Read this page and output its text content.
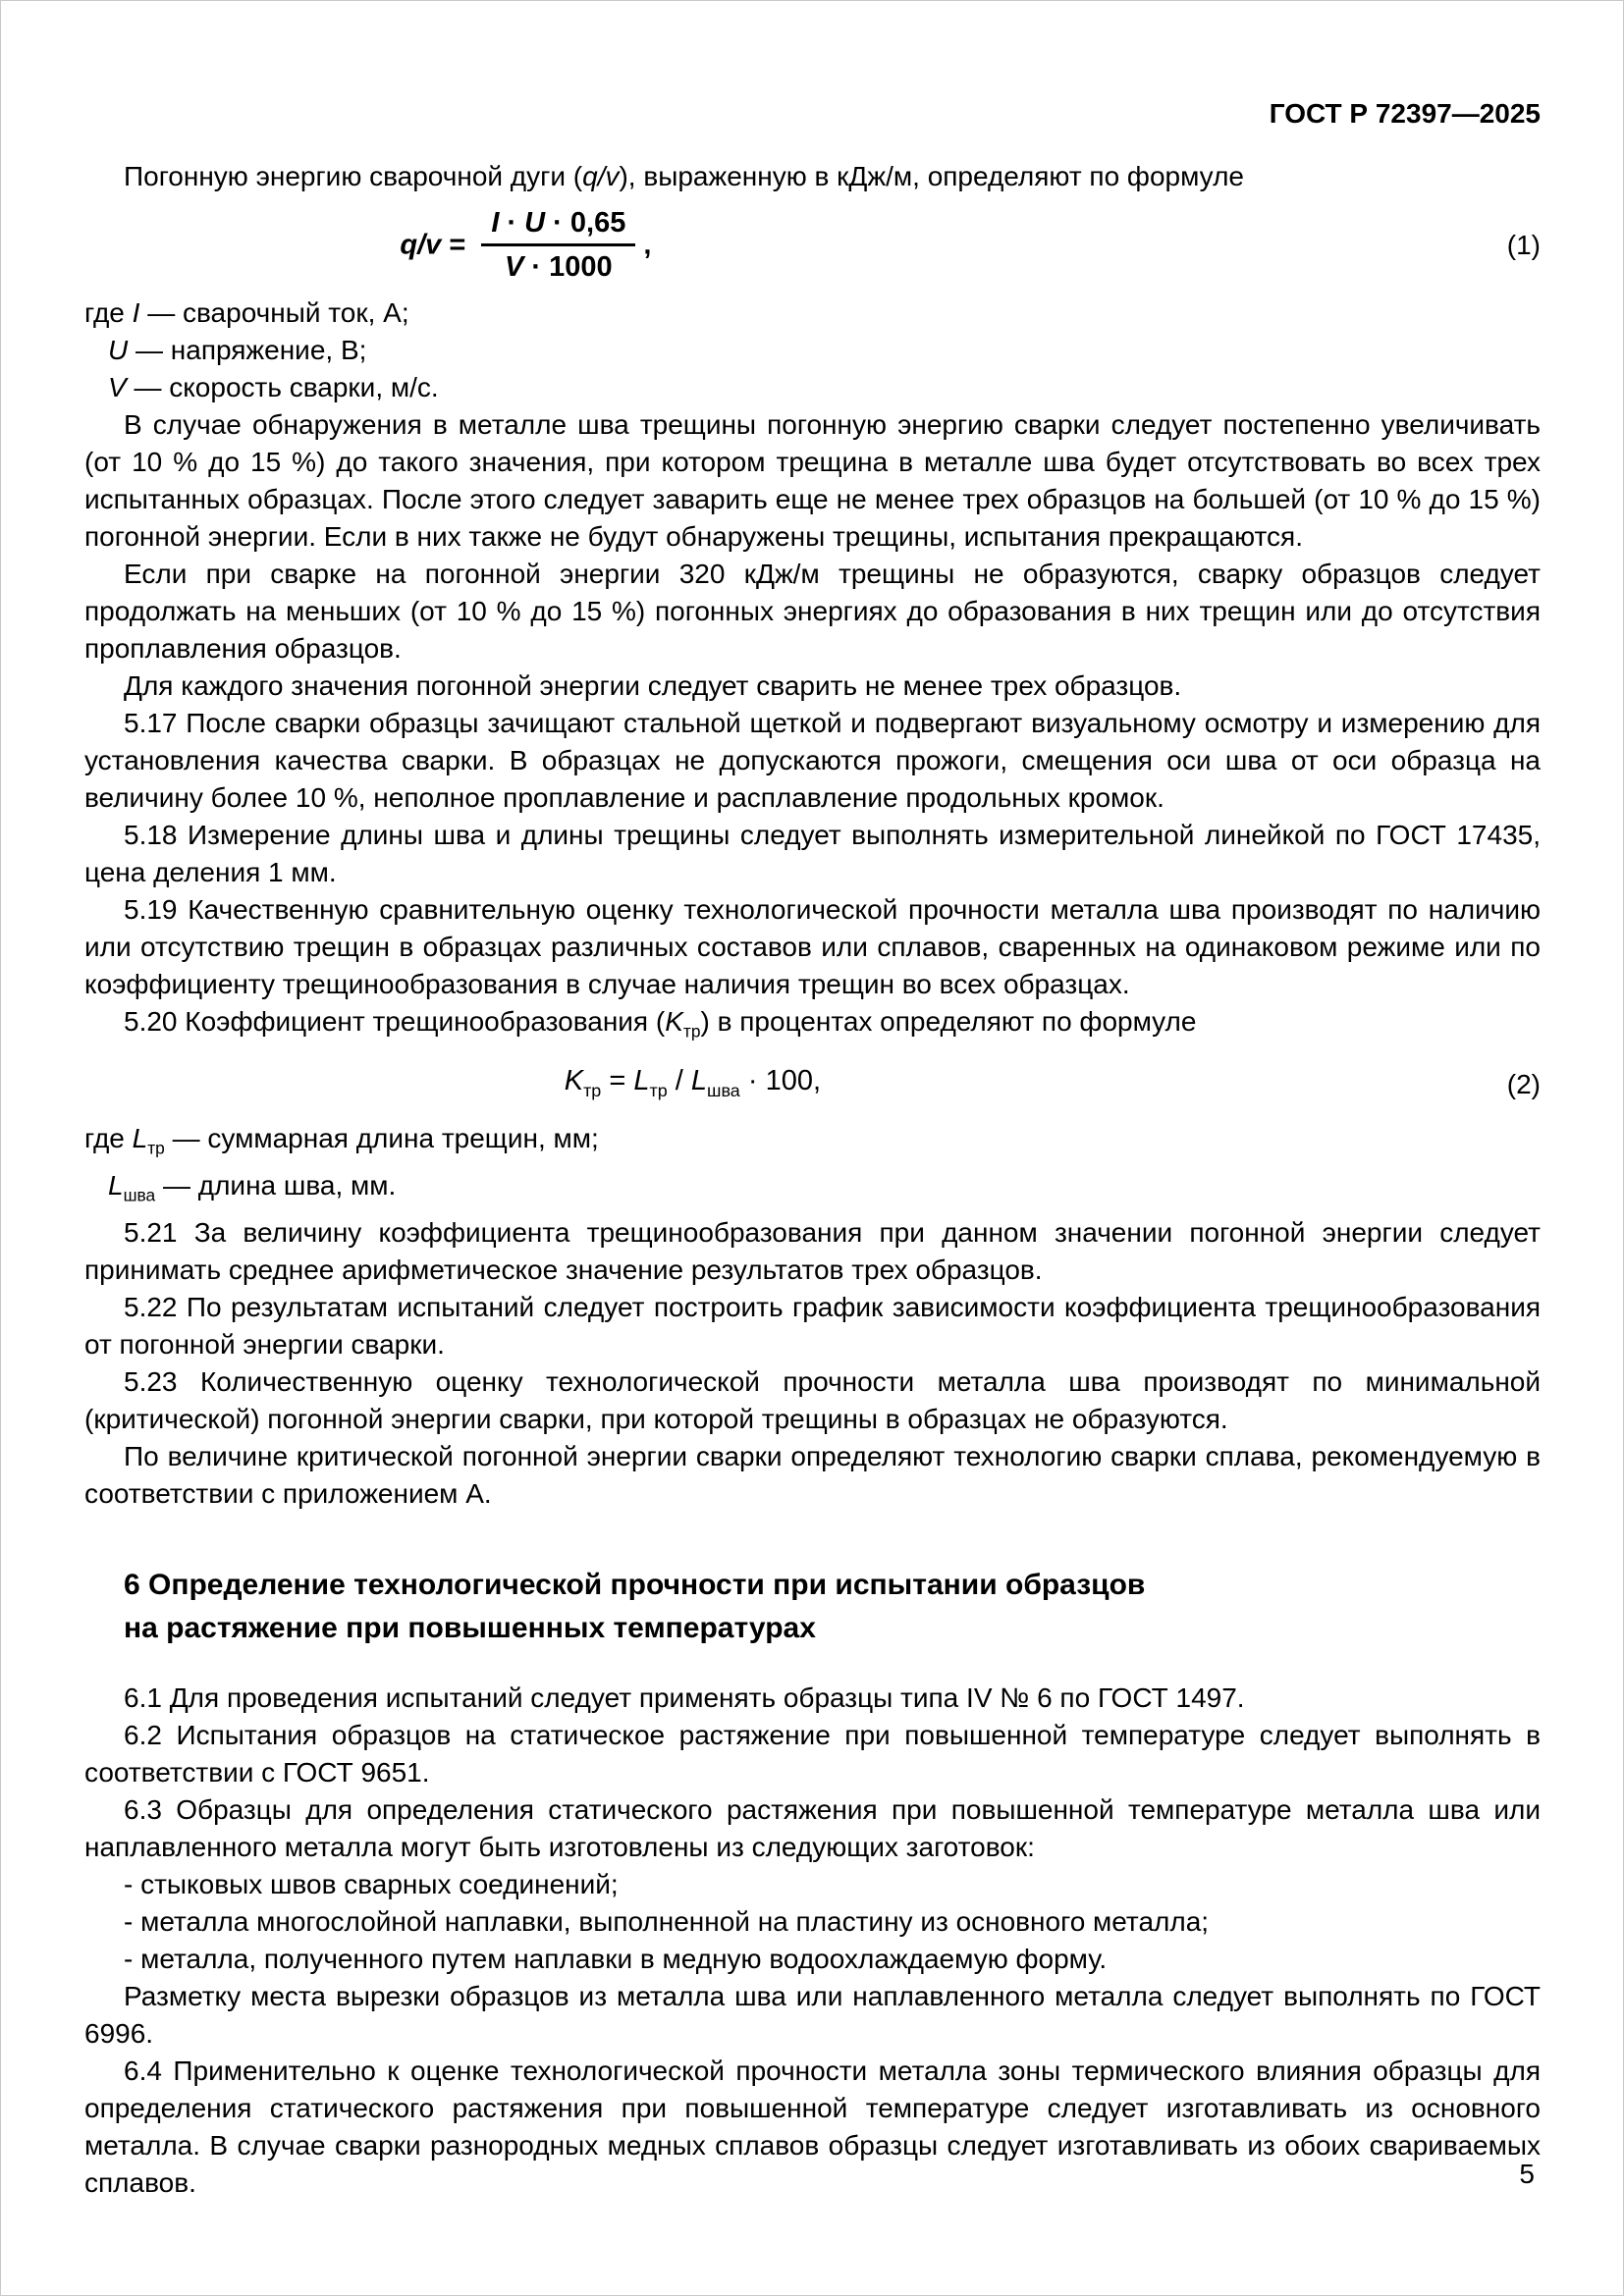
ГОСТ Р 72397—2025

Погонную энергию сварочной дуги (q/v), выраженную в кДж/м, определяют по формуле

$q/v = \frac{I \cdot U \cdot 0,65}{V \cdot 1000}$ ,	(1)

где I — сварочный ток, А;

U — напряжение, В;

V — скорость сварки, м/с.

В случае обнаружения в металле шва трещины погонную энергию сварки следует постепенно увеличивать (от 10 % до 15 %) до такого значения, при котором трещина в металле шва будет отсутствовать во всех трех испытанных образцах. После этого следует заварить еще не менее трех образцов на большей (от 10 % до 15 %) погонной энергии. Если в них также не будут обнаружены трещины, испытания прекращаются.

Если при сварке на погонной энергии 320 кДж/м трещины не образуются, сварку образцов следует продолжать на меньших (от 10 % до 15 %) погонных энергиях до образования в них трещин или до отсутствия проплавления образцов.

Для каждого значения погонной энергии следует сварить не менее трех образцов.

5.17 После сварки образцы зачищают стальной щеткой и подвергают визуальному осмотру и измерению для установления качества сварки. В образцах не допускаются прожоги, смещения оси шва от оси образца на величину более 10 %, неполное проплавление и расплавление продольных кромок.

5.18 Измерение длины шва и длины трещины следует выполнять измерительной линейкой по ГОСТ 17435, цена деления 1 мм.

5.19 Качественную сравнительную оценку технологической прочности металла шва производят по наличию или отсутствию трещин в образцах различных составов или сплавов, сваренных на одинаковом режиме или по коэффициенту трещинообразования в случае наличия трещин во всех образцах.

5.20 Коэффициент трещинообразования $(K_{тр})$ в процентах определяют по формуле

$K_{тр} = L_{тр} / L_{шва} \cdot 100$,	(2)

где $L_{тр}$ — суммарная длина трещин, мм;

$L_{шва}$ — длина шва, мм.

5.21 За величину коэффициента трещинообразования при данном значении погонной энергии следует принимать среднее арифметическое значение результатов трех образцов.

5.22 По результатам испытаний следует построить график зависимости коэффициента трещинообразования от погонной энергии сварки.

5.23 Количественную оценку технологической прочности металла шва производят по минимальной (критической) погонной энергии сварки, при которой трещины в образцах не образуются.

По величине критической погонной энергии сварки определяют технологию сварки сплава, рекомендуемую в соответствии с приложением А.

6 Определение технологической прочности при испытании образцов
на растяжение при повышенных температурах

6.1 Для проведения испытаний следует применять образцы типа IV № 6 по ГОСТ 1497.

6.2 Испытания образцов на статическое растяжение при повышенной температуре следует выполнять в соответствии с ГОСТ 9651.

6.3 Образцы для определения статического растяжения при повышенной температуре металла шва или наплавленного металла могут быть изготовлены из следующих заготовок:

- стыковых швов сварных соединений;

- металла многослойной наплавки, выполненной на пластину из основного металла;

- металла, полученного путем наплавки в медную водоохлаждаемую форму.

Разметку места вырезки образцов из металла шва или наплавленного металла следует выполнять по ГОСТ 6996.

6.4 Применительно к оценке технологической прочности металла зоны термического влияния образцы для определения статического растяжения при повышенной температуре следует изготавливать из основного металла. В случае сварки разнородных медных сплавов образцы следует изготавливать из обоих свариваемых сплавов.	5
